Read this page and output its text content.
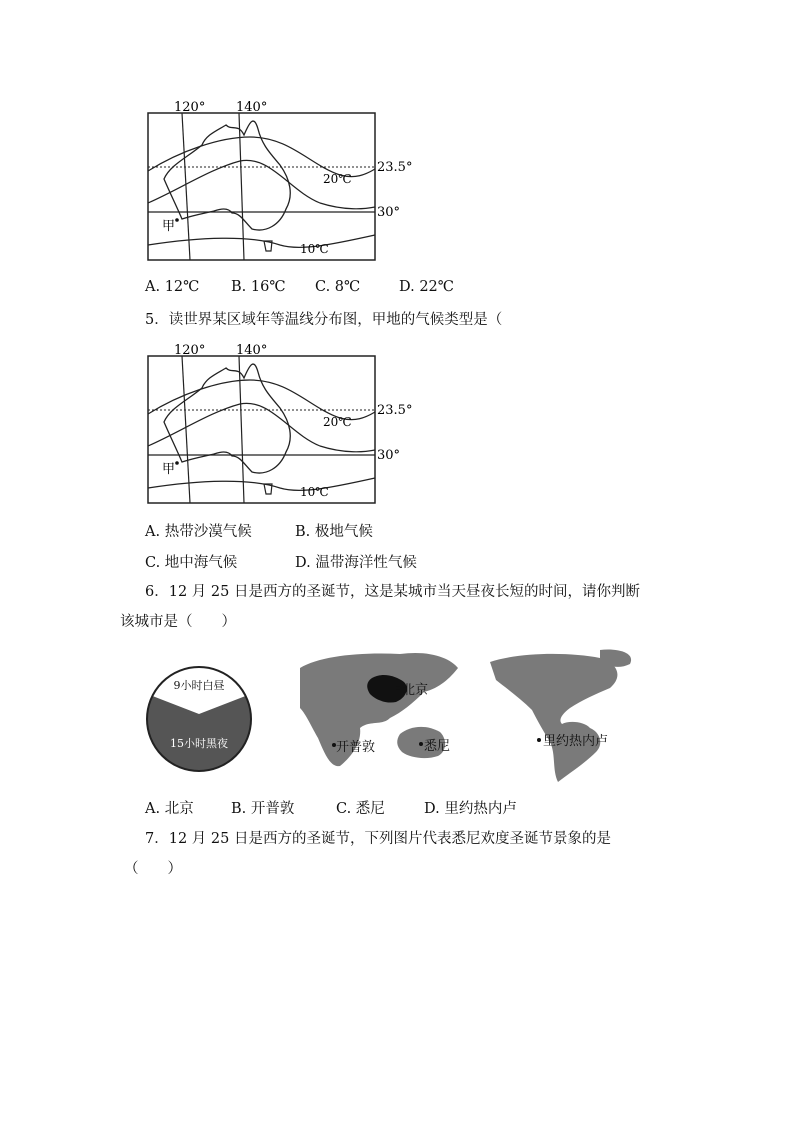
120° 140°
20℃
10℃
23.5°
30°
甲
A. 12℃ B. 16℃ C. 8℃	D. 22℃
5．读世界某区域年等温线分布图，甲地的气候类型是（
120° 140°
20℃
10℃
23.5°
30°
甲
A. 热带沙漠气候	B. 极地气候
C. 地中海气候	D. 温带海洋性气候
6．12 月 25 日是西方的圣诞节，这是某城市当天昼夜长短的时间，请你判断
该城市是（　　）
9小时白昼
15小时黑夜
北京
开普敦	悉尼	里约热内卢
A. 北京	B. 开普敦	C. 悉尼	D. 里约热内卢
7．12 月 25 日是西方的圣诞节，下列图片代表悉尼欢度圣诞节景象的是
（　　）
